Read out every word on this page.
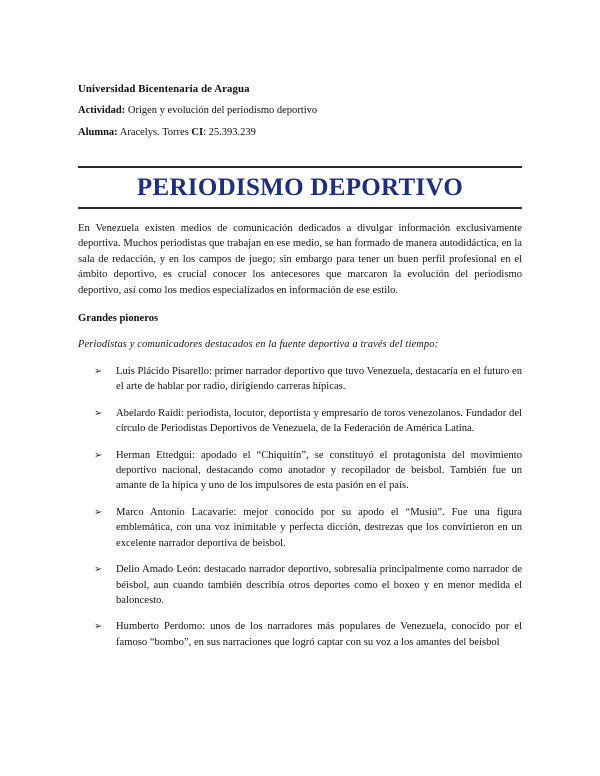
Universidad Bicentenaria de Aragua

Actividad: Origen y evolución del periodismo deportivo

Alumna: Aracelys. Torres CI: 25.393.239

PERIODISMO DEPORTIVO

En Venezuela existen medios de comunicación dedicados a divulgar información exclusivamente deportiva. Muchos periodistas que trabajan en ese medio, se han formado de manera autodidáctica, en la sala de redacción, y en los campos de juego; sin embargo para tener un buen perfil profesional en el ámbito deportivo, es crucial conocer los antecesores que marcaron la evolución del periodismo deportivo, así como los medios especializados en información de ese estilo.

Grandes pioneros

Periodistas y comunicadores destacados en la fuente deportiva a través del tiempo:

➢	Luis Plácido Pisarello: primer narrador deportivo que tuvo Venezuela, destacaría en el futuro en el arte de hablar por radio, dirigiendo carreras hípicas.
➢	Abelardo Raidi: periodista, locutor, deportista y empresario de toros venezolanos. Fundador del círculo de Periodistas Deportivos de Venezuela, de la Federación de América Latina.
➢	Herman Ettedgui: apodado el “Chiquitín”, se constituyó el protagonista del movimiento deportivo nacional, destacando como anotador y recopilador de beisbol. También fue un amante de la hípica y uno de los impulsores de esta pasión en el país.
➢	Marco Antonio Lacavarie: mejor conocido por su apodo el “Musiú”. Fue una figura emblemática, con una voz inimitable y perfecta dicción, destrezas que los convirtieron en un excelente narrador deportiva de beisbol.
➢	Delio Amado León: destacado narrador deportivo, sobresalía principalmente como narrador de béisbol, aun cuando también describía otros deportes como el boxeo y en menor medida el baloncesto.
➢	Humberto Perdomo: unos de los narradores más populares de Venezuela, conocido por el famoso “bombo”, en sus narraciones que logró captar con su voz a los amantes del beisbol
